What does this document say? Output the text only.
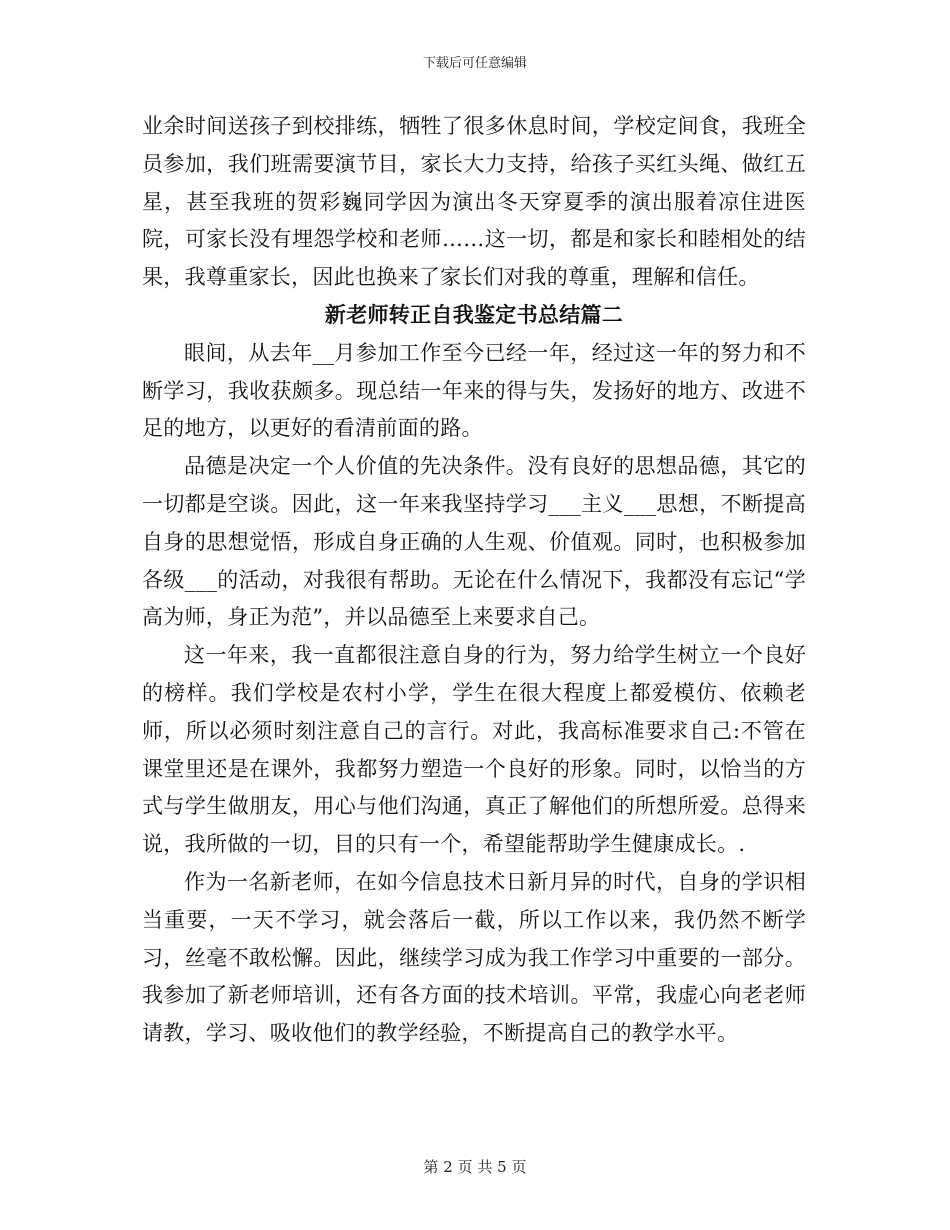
下载后可任意编辑

业余时间送孩子到校排练，牺牲了很多休息时间，学校定间食，我班全员参加，我们班需要演节目，家长大力支持，给孩子买红头绳、做红五星，甚至我班的贺彩巍同学因为演出冬天穿夏季的演出服着凉住进医院，可家长没有埋怨学校和老师……这一切，都是和家长和睦相处的结果，我尊重家长，因此也换来了家长们对我的尊重，理解和信任。

新老师转正自我鉴定书总结篇二

眼间，从去年__月参加工作至今已经一年，经过这一年的努力和不断学习，我收获颇多。现总结一年来的得与失，发扬好的地方、改进不足的地方，以更好的看清前面的路。

品德是决定一个人价值的先决条件。没有良好的思想品德，其它的一切都是空谈。因此，这一年来我坚持学习___主义___思想，不断提高自身的思想觉悟，形成自身正确的人生观、价值观。同时，也积极参加各级___的活动，对我很有帮助。无论在什么情况下，我都没有忘记“学高为师，身正为范”，并以品德至上来要求自己。

这一年来，我一直都很注意自身的行为，努力给学生树立一个良好的榜样。我们学校是农村小学，学生在很大程度上都爱模仿、依赖老师，所以必须时刻注意自己的言行。对此，我高标准要求自己:不管在课堂里还是在课外，我都努力塑造一个良好的形象。同时，以恰当的方式与学生做朋友，用心与他们沟通，真正了解他们的所想所爱。总得来说，我所做的一切，目的只有一个，希望能帮助学生健康成长。.

作为一名新老师，在如今信息技术日新月异的时代，自身的学识相当重要，一天不学习，就会落后一截，所以工作以来，我仍然不断学习，丝毫不敢松懈。因此，继续学习成为我工作学习中重要的一部分。我参加了新老师培训，还有各方面的技术培训。平常，我虚心向老老师请教，学习、吸收他们的教学经验，不断提高自己的教学水平。

第 2 页 共 5 页
